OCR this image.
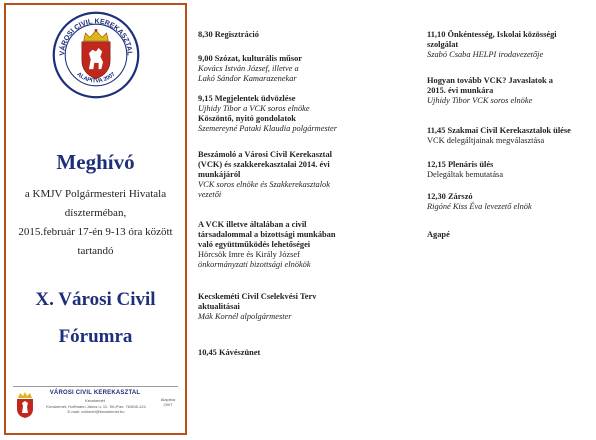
VÁROSI CIVIL KEREKASZTAL
ALAPÍTVA 2007
Meghívó
a KMJV Polgármesteri Hivatala
díszterméban,
2015.február 17-én 9-13 óra között
tartandó
X. Városi Civil
Fórumra
VÁROSI CIVIL KEREKASZTAL
Kecskemét
Kecskemét, Hoffmann János u. 11. Tel./Fax: 76/508-124
E-mail: vckkmet@kecskemet.hu
Alapítva
2007
8,30 Regisztráció
9,00 Szózat, kulturális műsor
Kovács István József, illetve a
Lakó Sándor Kamarazenekar
9,15 Megjelentek üdvözlése
Ujhidy Tibor a VCK soros elnöke
Köszöntő, nyitó gondolatok
Szemereyné Pataki Klaudia polgármester
Beszámoló a Városi Civil Kerekasztal
(VCK) és szakkerekasztalai 2014. évi
munkájáról
VCK soros elnöke és Szakkerekasztalok
vezetői
A VCK illetve általában a civil
társadalommal a bizottsági munkában
való együttműködés lehetőségei
Hörcsök Imre és Király József
önkormányzati bizottsági elnökök
Kecskeméti Civil Cselekvési Terv
aktualitásai
Mák Kornél alpolgármester
10,45 Kávészünet
11,10 Önkéntesség, Iskolai közösségi
szolgálat
Szabó Csaba HELPI irodavezetője
Hogyan tovább VCK? Javaslatok a
2015. évi munkára
Ujhidy Tibor VCK soros elnöke
11,45 Szakmai Civil Kerekasztalok ülése
VCK delegáltjainak megválasztása
12,15 Plenáris ülés
Delegáltak bemutatása
12,30 Zárszó
Rigóné Kiss Éva levezető elnök
Agapé
